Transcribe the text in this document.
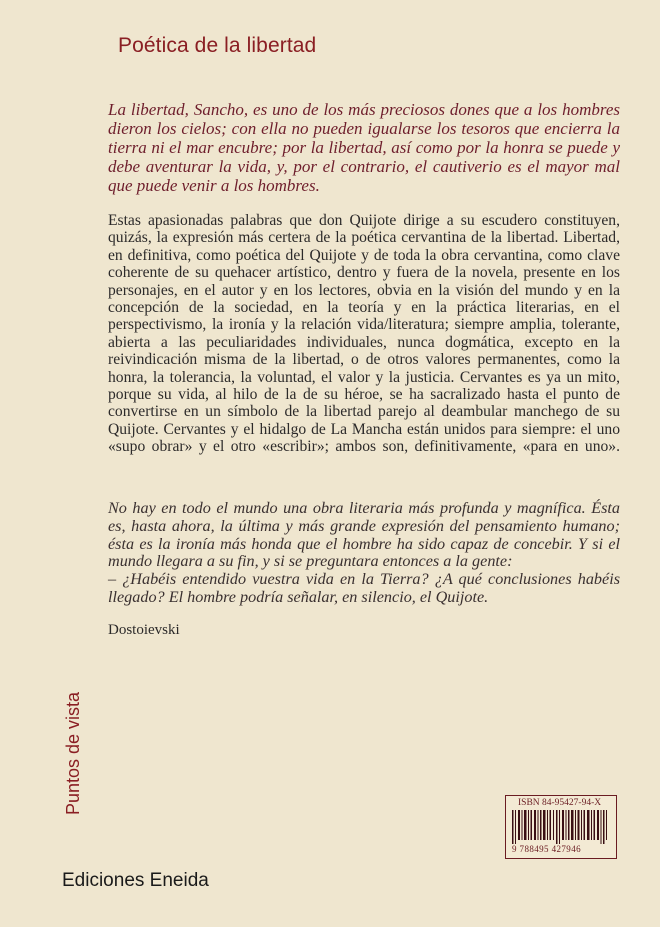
Poética de la libertad
La libertad, Sancho, es uno de los más preciosos dones que a los hombres dieron los cielos; con ella no pueden igualarse los tesoros que encierra la tierra ni el mar encubre; por la libertad, así como por la honra se puede y debe aventurar la vida, y, por el contrario, el cautiverio es el mayor mal que puede venir a los hombres.
Estas apasionadas palabras que don Quijote dirige a su escudero constituyen, quizás, la expresión más certera de la poética cervantina de la libertad. Libertad, en definitiva, como poética del Quijote y de toda la obra cervantina, como clave coherente de su quehacer artístico, dentro y fuera de la novela, presente en los personajes, en el autor y en los lectores, obvia en la visión del mundo y en la concepción de la sociedad, en la teoría y en la práctica literarias, en el perspectivismo, la ironía y la relación vida/literatura; siempre amplia, tolerante, abierta a las peculiaridades individuales, nunca dogmática, excepto en la reivindicación misma de la libertad, o de otros valores permanentes, como la honra, la tolerancia, la voluntad, el valor y la justicia. Cervantes es ya un mito, porque su vida, al hilo de la de su héroe, se ha sacralizado hasta el punto de convertirse en un símbolo de la libertad parejo al deambular manchego de su Quijote. Cervantes y el hidalgo de La Mancha están unidos para siempre: el uno «supo obrar» y el otro «escribir»; ambos son, definitivamente, «para en uno».
No hay en todo el mundo una obra literaria más profunda y magnífica. Ésta es, hasta ahora, la última y más grande expresión del pensamiento humano; ésta es la ironía más honda que el hombre ha sido capaz de concebir. Y si el mundo llegara a su fin, y si se preguntara entonces a la gente:
– ¿Habéis entendido vuestra vida en la Tierra? ¿A qué conclusiones habéis llegado? El hombre podría señalar, en silencio, el Quijote.
Dostoievski
Puntos de vista
Ediciones Eneida
ISBN 84-95427-94-X
9 788495 427946
